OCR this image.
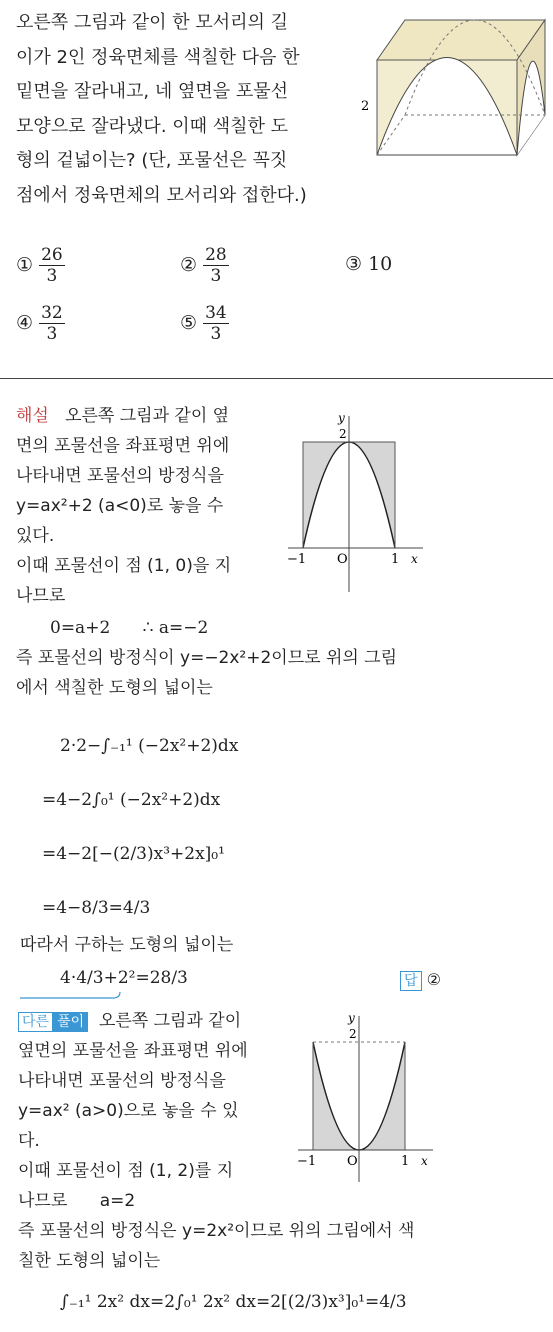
오른쪽 그림과 같이 한 모서리의 길
이가 2인 정육면체를 색칠한 다음 한
밑면을 잘라내고, 네 옆면을 포물선
모양으로 잘라냈다. 이때 색칠한 도
형의 겉넓이는? (단, 포물선은 꼭짓
점에서 정육면체의 모서리와 접한다.)
2
① $\frac{26}{3}$	② $\frac{28}{3}$	③ 10
④ $\frac{32}{3}$	⑤ $\frac{34}{3}$
해설 오른쪽 그림과 같이 옆
면의 포물선을 좌표평면 위에
나타내면 포물선의 방정식을
y=ax²+2 (a<0)로 놓을 수
있다.
이때 포물선이 점 (1, 0)을 지
나므로
y
2
O
−1	1 x
0=a+2      ∴ a=−2
즉 포물선의 방정식이 y=−2x²+2이므로 위의 그림
에서 색칠한 도형의 넓이는
2·2−∫₋₁¹ (−2x²+2)dx
=4−2∫₀¹ (−2x²+2)dx
=4−2[−(2/3)x³+2x]₀¹
=4−8/3=4/3
따라서 구하는 도형의 넓이는
4·4/3+2²=28/3	답 ②
다른 풀이 오른쪽 그림과 같이
옆면의 포물선을 좌표평면 위에
나타내면 포물선의 방정식을
y=ax² (a>0)으로 놓을 수 있
다.
이때 포물선이 점 (1, 2)를 지
나므로      a=2
즉 포물선의 방정식은 y=2x²이므로 위의 그림에서 색
칠한 도형의 넓이는
y
2
O
−1	1 x
∫₋₁¹ 2x² dx=2∫₀¹ 2x² dx=2[(2/3)x³]₀¹=4/3
